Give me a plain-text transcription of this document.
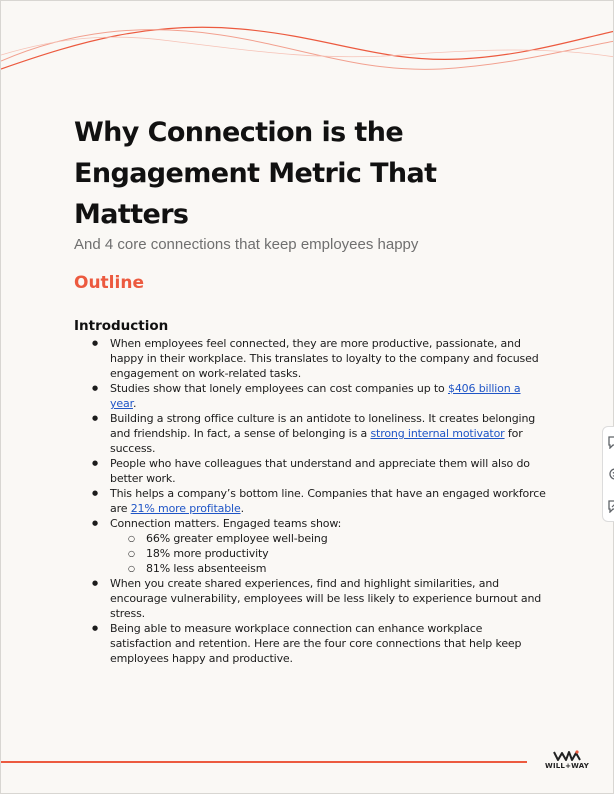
Why Connection is the Engagement Metric That Matters

And 4 core connections that keep employees happy

Outline
Introduction
● When employees feel connected, they are more productive, passionate, and happy in their workplace. This translates to loyalty to the company and focused engagement on work-related tasks.
● Studies show that lonely employees can cost companies up to $406 billion a year.
● Building a strong office culture is an antidote to loneliness. It creates belonging and friendship. In fact, a sense of belonging is a strong internal motivator for success.
● People who have colleagues that understand and appreciate them will also do better work.
● This helps a company’s bottom line. Companies that have an engaged workforce are 21% more profitable.
● Connection matters. Engaged teams show:
○ 66% greater employee well-being
○ 18% more productivity
○ 81% less absenteeism
● When you create shared experiences, find and highlight similarities, and encourage vulnerability, employees will be less likely to experience burnout and stress.
● Being able to measure workplace connection can enhance workplace satisfaction and retention. Here are the four core connections that help keep employees happy and productive.
WILL+WAY
